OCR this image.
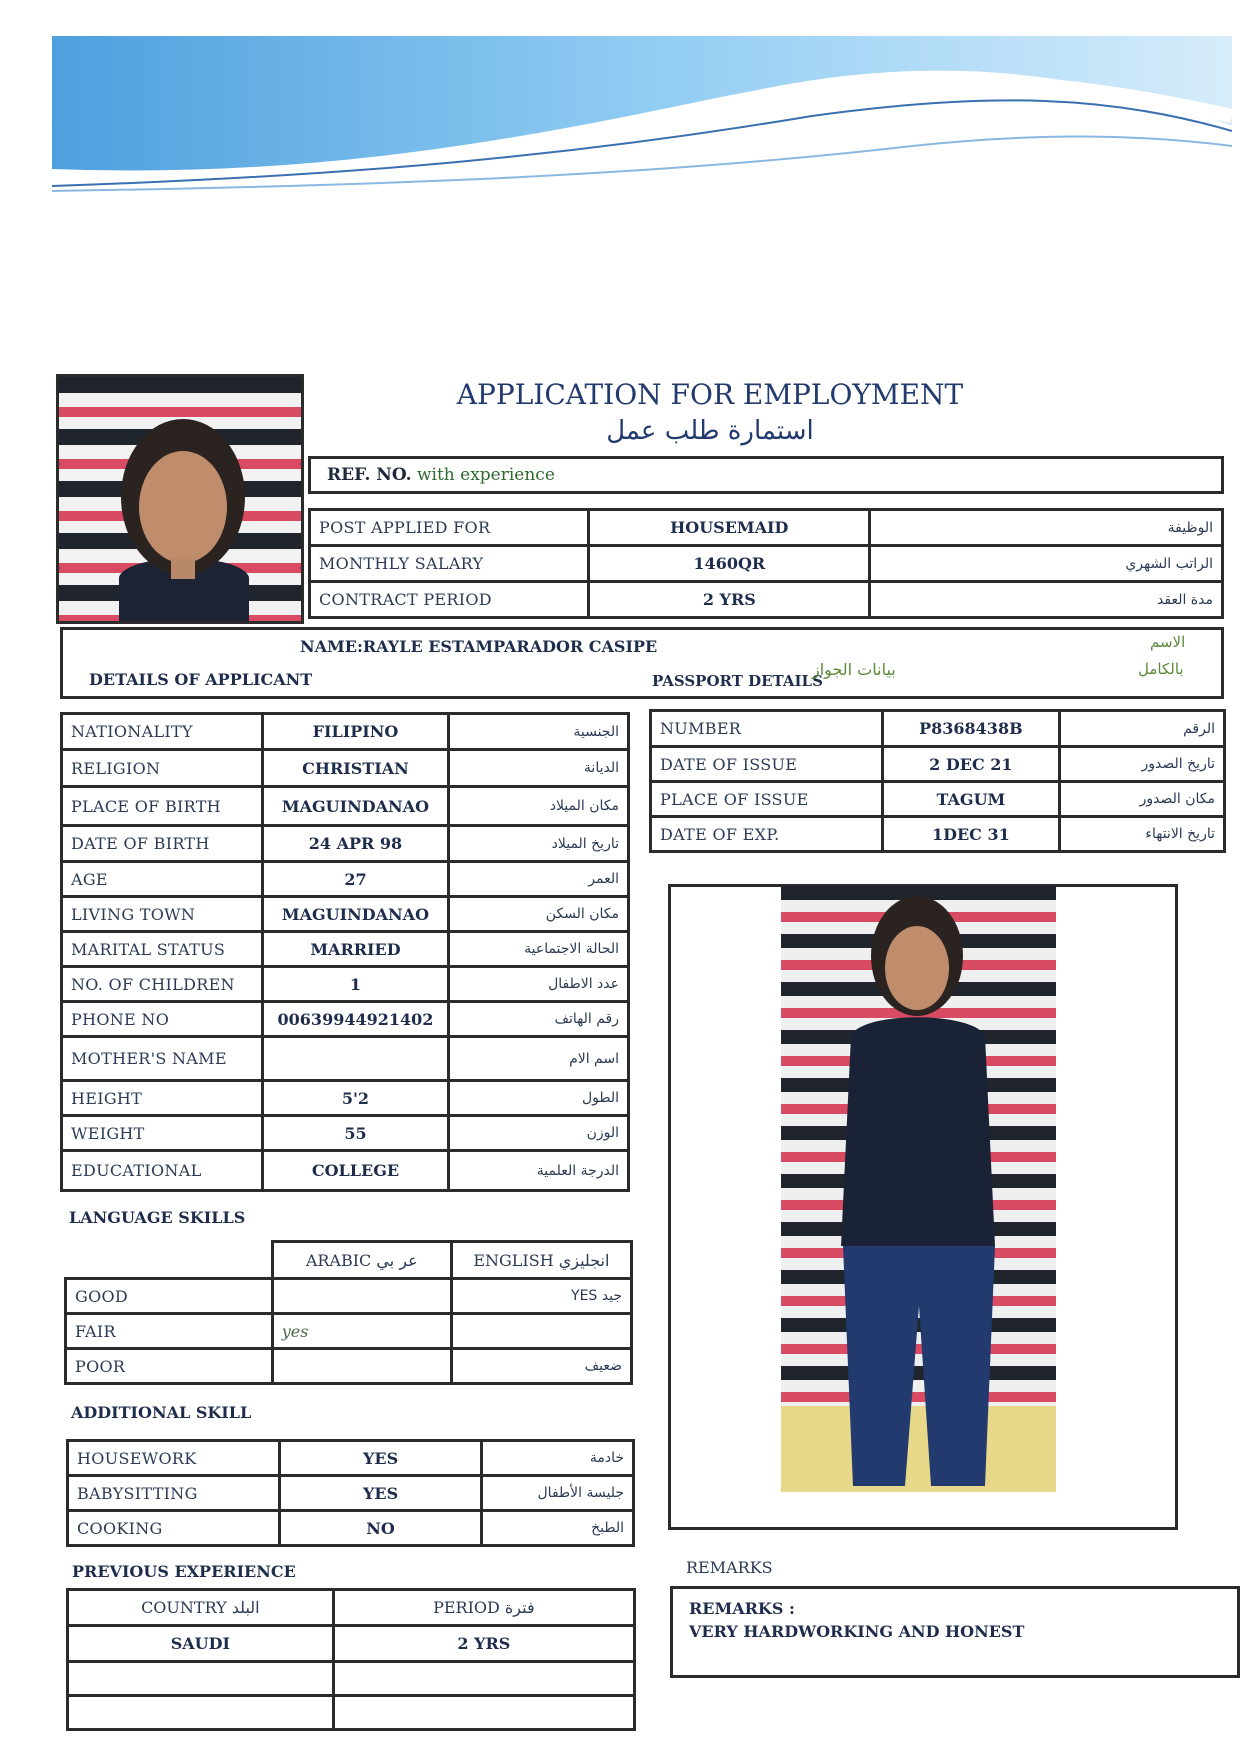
APPLICATION FOR EMPLOYMENT
استمارة طلب عمل
REF. NO. with experience
POST APPLIED FOR	HOUSEMAID	الوظيفة
MONTHLY SALARY	1460QR	الراتب الشهري
CONTRACT PERIOD	2 YRS	مدة العقد
NAME:RAYLE ESTAMPARADOR CASIPE
DETAILS OF APPLICANT	PASSPORT DETAILS
بيانات الجواز
الاسم
بالكامل
NATIONALITY	FILIPINO	الجنسية
RELIGION	CHRISTIAN	الديانة
PLACE OF BIRTH	MAGUINDANAO	مكان الميلاد
DATE OF BIRTH	24 APR 98	تاريخ الميلاد
AGE	27	العمر
LIVING TOWN	MAGUINDANAO	مكان السكن
MARITAL STATUS	MARRIED	الحالة الاجتماعية
NO. OF CHILDREN	1	عدد الاطفال
PHONE NO	00639944921402	رقم الهاتف
MOTHER'S NAME		اسم الام
HEIGHT	5'2	الطول
WEIGHT	55	الوزن
EDUCATIONAL	COLLEGE	الدرجة العلمية
NUMBER	P8368438B	الرقم
DATE OF ISSUE	2 DEC 21	تاريخ الصدور
PLACE OF ISSUE	TAGUM	مكان الصدور
DATE OF EXP.	1DEC 31	تاريخ الانتهاء
LANGUAGE SKILLS
	ARABIC عر بي	ENGLISH انجليزي
GOOD		YES جيد
FAIR	yes	
POOR		ضعيف
ADDITIONAL SKILL
HOUSEWORK	YES	خادمة
BABYSITTING	YES	جليسة الأطفال
COOKING	NO	الطبخ
PREVIOUS EXPERIENCE
COUNTRY البلد	PERIOD فترة
SAUDI	2 YRS

REMARKS
REMARKS :
VERY HARDWORKING AND HONEST
